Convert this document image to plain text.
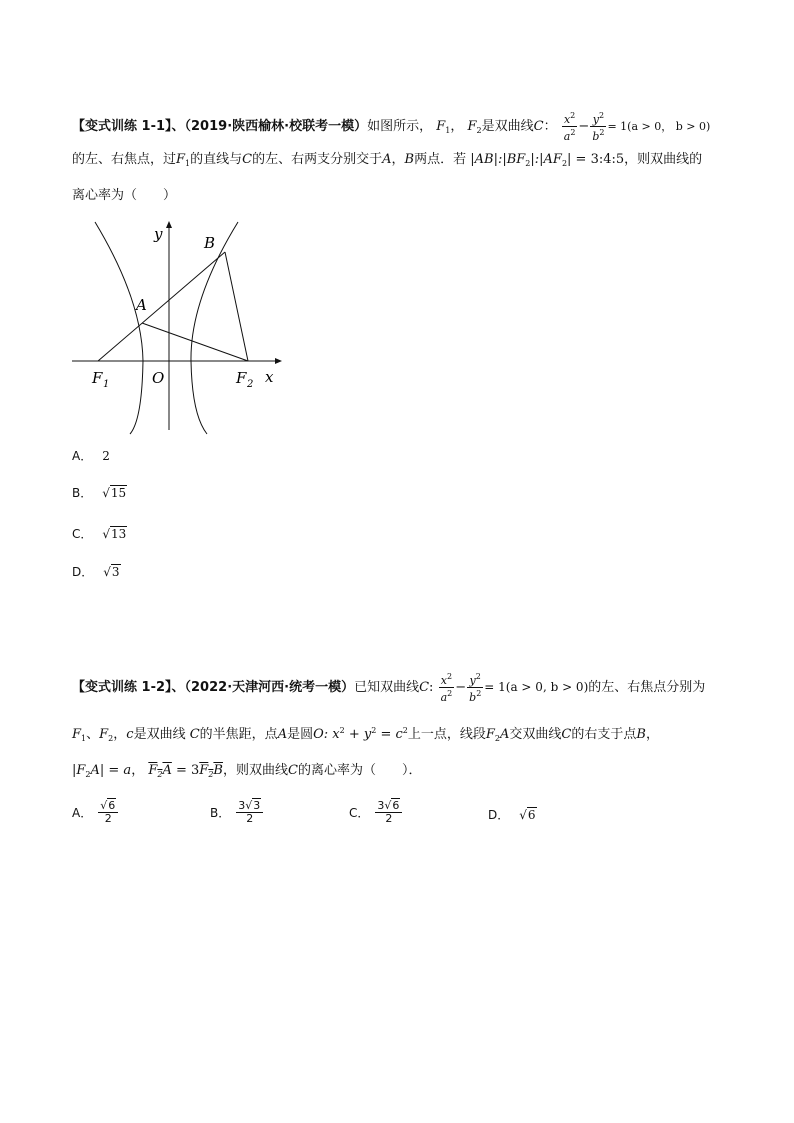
【变式训练 1-1】、（2019·陕西榆林·校联考一模）如图所示， $F_1$， $F_2$是双曲线C： $\frac{x^2}{a^2} - \frac{y^2}{b^2} = 1(a > 0$， b > 0)
的左、右焦点，过$F_1$的直线与C的左、右两支分别交于A，B两点．若 $|AB|:|BF_2|:|AF_2|$ = 3:4:5，则双曲线的
离心率为（　　）
y
x
B
A
O
F 1	F 2
A． 2
B． √15
C． √13
D． √3
【变式训练 1-2】、（2022·天津河西·统考一模）已知双曲线C: $\frac{x^2}{a^2} - \frac{y^2}{b^2} = 1(a > 0$, b > 0)的左、右焦点分别为
$F_1$、$F_2$，c是双曲线 C的半焦距，点A是圆O: $x^2 + y^2 = c^2$上一点，线段$F_2A$交双曲线C的右支于点B，
$|F_2A| = a$， $F_2A = 3F_2B$，则双曲线C的离心率为（　　）．
A． $\frac{√6}{2}$	B． $\frac{3√3}{2}$	C． $\frac{3√6}{2}$	D． √6
